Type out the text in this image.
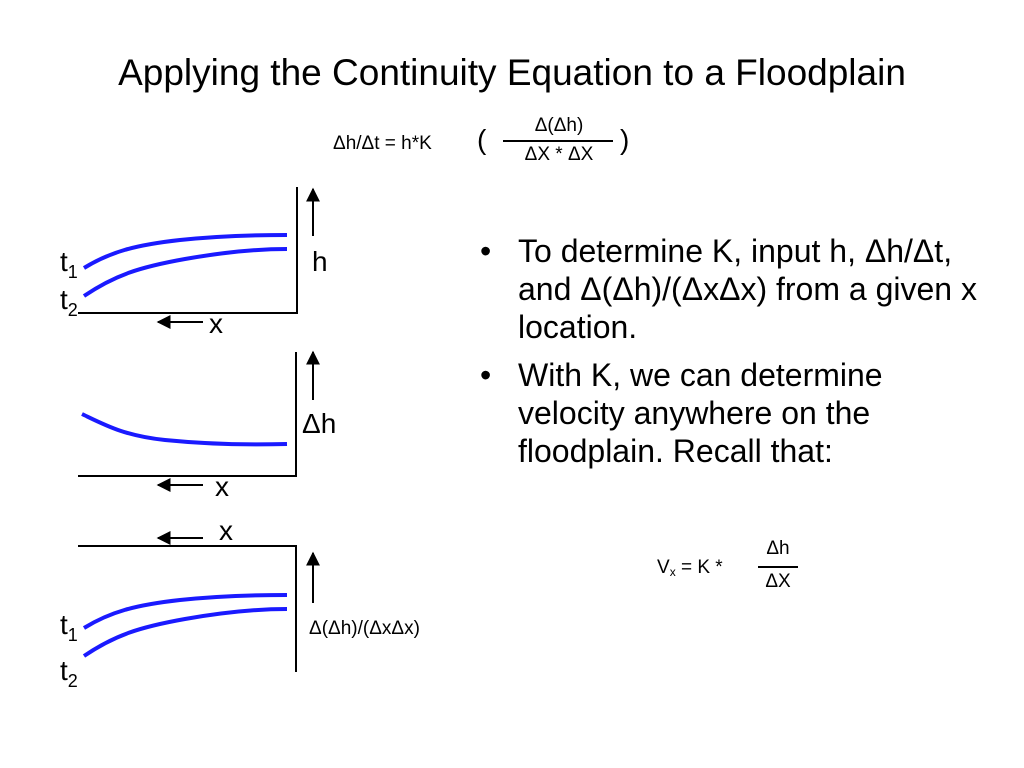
Applying the Continuity Equation to a Floodplain
Δh/Δt = h*K (	Δ(Δh)
ΔX * ΔX )
$t_1$
$t_2$
h
x
Δh
x
x
Δ(Δh)/(ΔxΔx)
$t_1$
$t_2$
• To determine K, input h, Δh/Δt, and Δ(Δh)/(ΔxΔx) from a given x location.
• With K, we can determine velocity anywhere on the floodplain. Recall that:
$V_x = K$ *
Δh
ΔX
